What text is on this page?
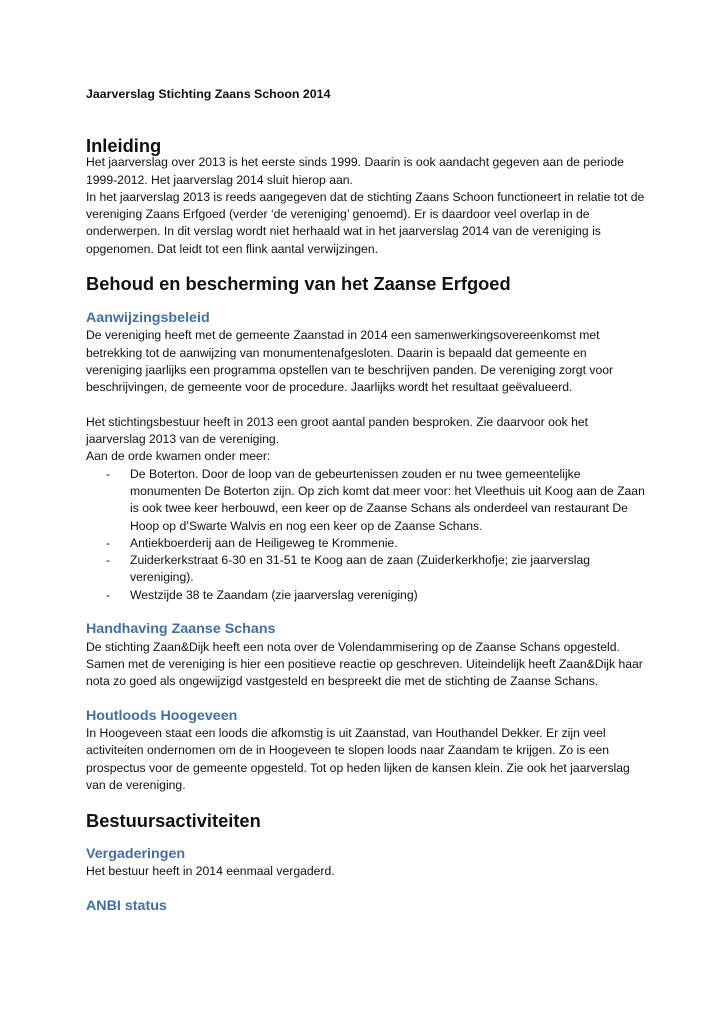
Jaarverslag Stichting Zaans Schoon 2014
Inleiding

Het jaarverslag over 2013 is het eerste sinds 1999. Daarin is ook aandacht gegeven aan de periode 1999-2012. Het jaarverslag 2014 sluit hierop aan.

In het jaarverslag 2013 is reeds aangegeven dat de stichting Zaans Schoon functioneert in relatie tot de vereniging Zaans Erfgoed (verder ‘de vereniging’ genoemd). Er is daardoor veel overlap in de onderwerpen. In dit verslag wordt niet herhaald wat in het jaarverslag 2014 van de vereniging is opgenomen. Dat leidt tot een flink aantal verwijzingen.

Behoud en bescherming van het Zaanse Erfgoed
Aanwijzingsbeleid

De vereniging heeft met de gemeente Zaanstad in 2014 een samenwerkingsovereenkomst met betrekking tot de aanwijzing van monumentenafgesloten. Daarin is bepaald dat gemeente en vereniging jaarlijks een programma opstellen van te beschrijven panden. De vereniging zorgt voor beschrijvingen, de gemeente voor de procedure. Jaarlijks wordt het resultaat geëvalueerd.

Het stichtingsbestuur heeft in 2013 een groot aantal panden besproken. Zie daarvoor ook het jaarverslag 2013 van de vereniging.

Aan de orde kwamen onder meer:

- De Boterton. Door de loop van de gebeurtenissen zouden er nu twee gemeentelijke monumenten De Boterton zijn. Op zich komt dat meer voor: het Vleethuis uit Koog aan de Zaan is ook twee keer herbouwd, een keer op de Zaanse Schans als onderdeel van restaurant De Hoop op d’Swarte Walvis en nog een keer op de Zaanse Schans.
- Antiekboerderij aan de Heiligeweg te Krommenie.
- Zuiderkerkstraat 6-30 en 31-51 te Koog aan de zaan (Zuiderkerkhofje; zie jaarverslag vereniging).
- Westzijde 38 te Zaandam (zie jaarverslag vereniging)
Handhaving Zaanse Schans

De stichting Zaan&Dijk heeft een nota over de Volendammisering op de Zaanse Schans opgesteld. Samen met de vereniging is hier een positieve reactie op geschreven. Uiteindelijk heeft Zaan&Dijk haar nota zo goed als ongewijzigd vastgesteld en bespreekt die met de stichting de Zaanse Schans.

Houtloods Hoogeveen

In Hoogeveen staat een loods die afkomstig is uit Zaanstad, van Houthandel Dekker. Er zijn veel activiteiten ondernomen om de in Hoogeveen te slopen loods naar Zaandam te krijgen. Zo is een prospectus voor de gemeente opgesteld. Tot op heden lijken de kansen klein. Zie ook het jaarverslag van de vereniging.

Bestuursactiviteiten
Vergaderingen

Het bestuur heeft in 2014 eenmaal vergaderd.

ANBI status
